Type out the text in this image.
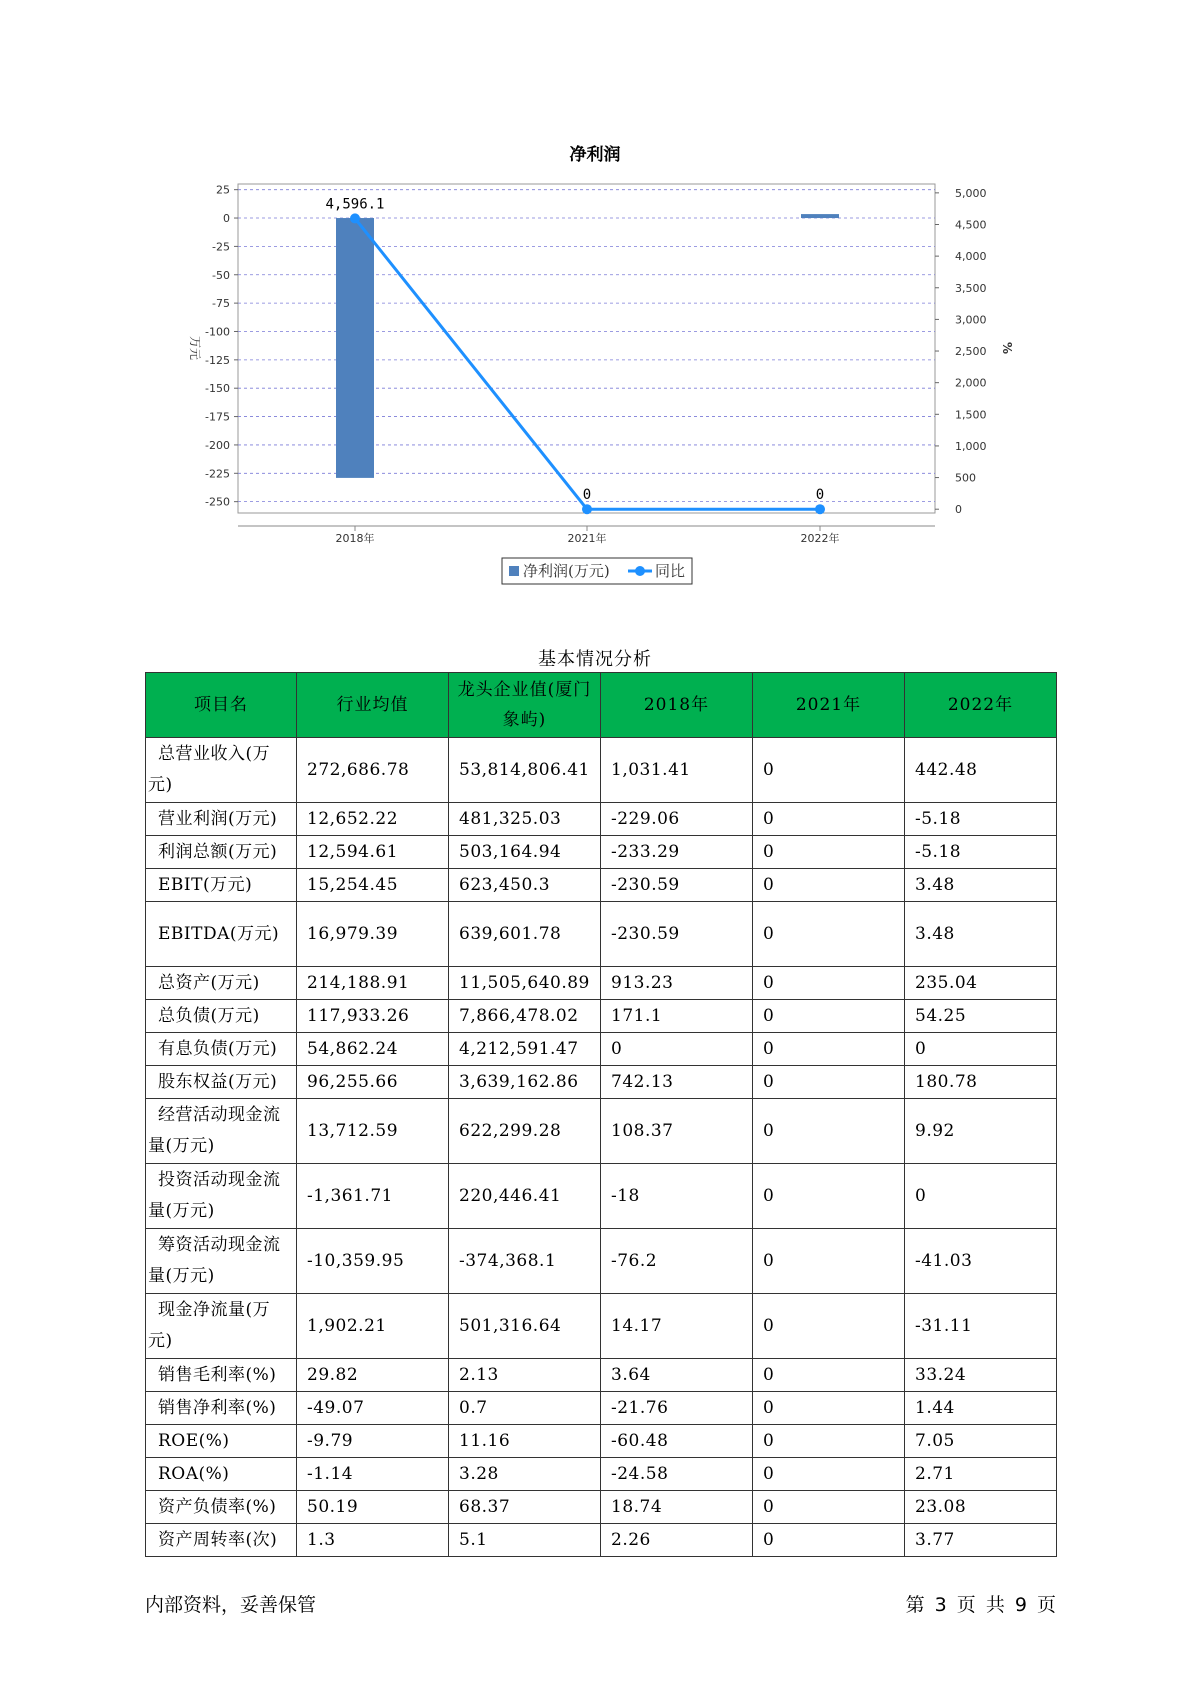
净利润
25
0
-25
-50
-75
-100
-125
-150
-175
-200
-225
-250
5,000
4,500
4,000
3,500
3,000
2,500
2,000
1,500
1,000
500
0
万元	%
2018年	2021年	2022年
4,596.1
0	0
净利润(万元)	同比
基本情况分析
项目名	行业均值	龙头企业值(厦门象屿)	2018年	2021年	2022年
总营业收入(万元)	272,686.78	53,814,806.41	1,031.41	0	442.48
营业利润(万元)	12,652.22	481,325.03	-229.06	0	-5.18
利润总额(万元)	12,594.61	503,164.94	-233.29	0	-5.18
EBIT(万元)	15,254.45	623,450.3	-230.59	0	3.48
EBITDA(万元)	16,979.39	639,601.78	-230.59	0	3.48
总资产(万元)	214,188.91	11,505,640.89	913.23	0	235.04
总负债(万元)	117,933.26	7,866,478.02	171.1	0	54.25
有息负债(万元)	54,862.24	4,212,591.47	0	0	0
股东权益(万元)	96,255.66	3,639,162.86	742.13	0	180.78
经营活动现金流量(万元)	13,712.59	622,299.28	108.37	0	9.92
投资活动现金流量(万元)	-1,361.71	220,446.41	-18	0	0
筹资活动现金流量(万元)	-10,359.95	-374,368.1	-76.2	0	-41.03
现金净流量(万元)	1,902.21	501,316.64	14.17	0	-31.11
销售毛利率(%)	29.82	2.13	3.64	0	33.24
销售净利率(%)	-49.07	0.7	-21.76	0	1.44
ROE(%)	-9.79	11.16	-60.48	0	7.05
ROA(%)	-1.14	3.28	-24.58	0	2.71
资产负债率(%)	50.19	68.37	18.74	0	23.08
资产周转率(次)	1.3	5.1	2.26	0	3.77
内部资料，妥善保管	第 3 页 共 9 页
